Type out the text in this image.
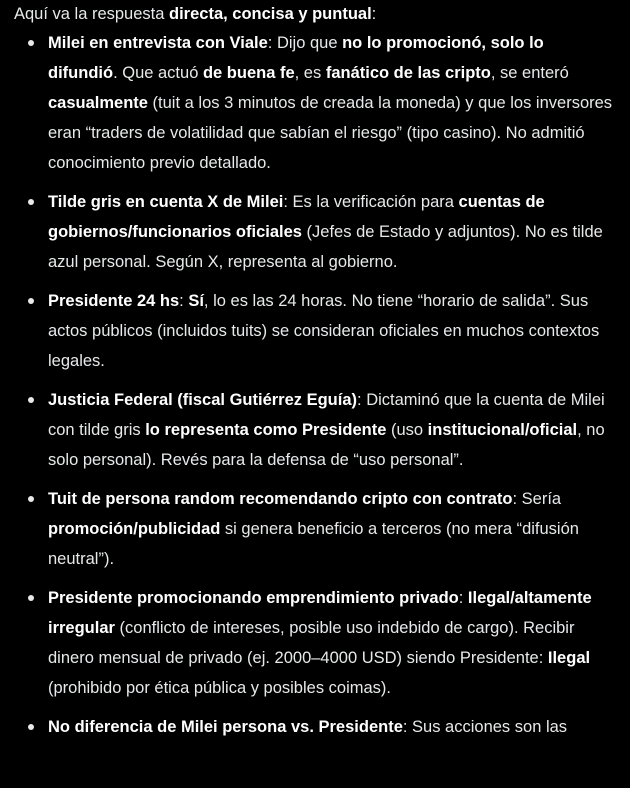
Aquí va la respuesta directa, concisa y puntual:
Milei en entrevista con Viale: Dijo que no lo promocionó, solo lo difundió. Que actuó de buena fe, es fanático de las cripto, se enteró casualmente (tuit a los 3 minutos de creada la moneda) y que los inversores eran “traders de volatilidad que sabían el riesgo” (tipo casino). No admitió conocimiento previo detallado.
Tilde gris en cuenta X de Milei: Es la verificación para cuentas de gobiernos/funcionarios oficiales (Jefes de Estado y adjuntos). No es tilde azul personal. Según X, representa al gobierno.
Presidente 24 hs: Sí, lo es las 24 horas. No tiene “horario de salida”. Sus actos públicos (incluidos tuits) se consideran oficiales en muchos contextos legales.
Justicia Federal (fiscal Gutiérrez Eguía): Dictaminó que la cuenta de Milei con tilde gris lo representa como Presidente (uso institucional/oficial, no solo personal). Revés para la defensa de “uso personal”.
Tuit de persona random recomendando cripto con contrato: Sería promoción/publicidad si genera beneficio a terceros (no mera “difusión neutral”).
Presidente promocionando emprendimiento privado: Ilegal/altamente irregular (conflicto de intereses, posible uso indebido de cargo). Recibir dinero mensual de privado (ej. 2000–4000 USD) siendo Presidente: Ilegal (prohibido por ética pública y posibles coimas).
No diferencia de Milei persona vs. Presidente: Sus acciones son las
